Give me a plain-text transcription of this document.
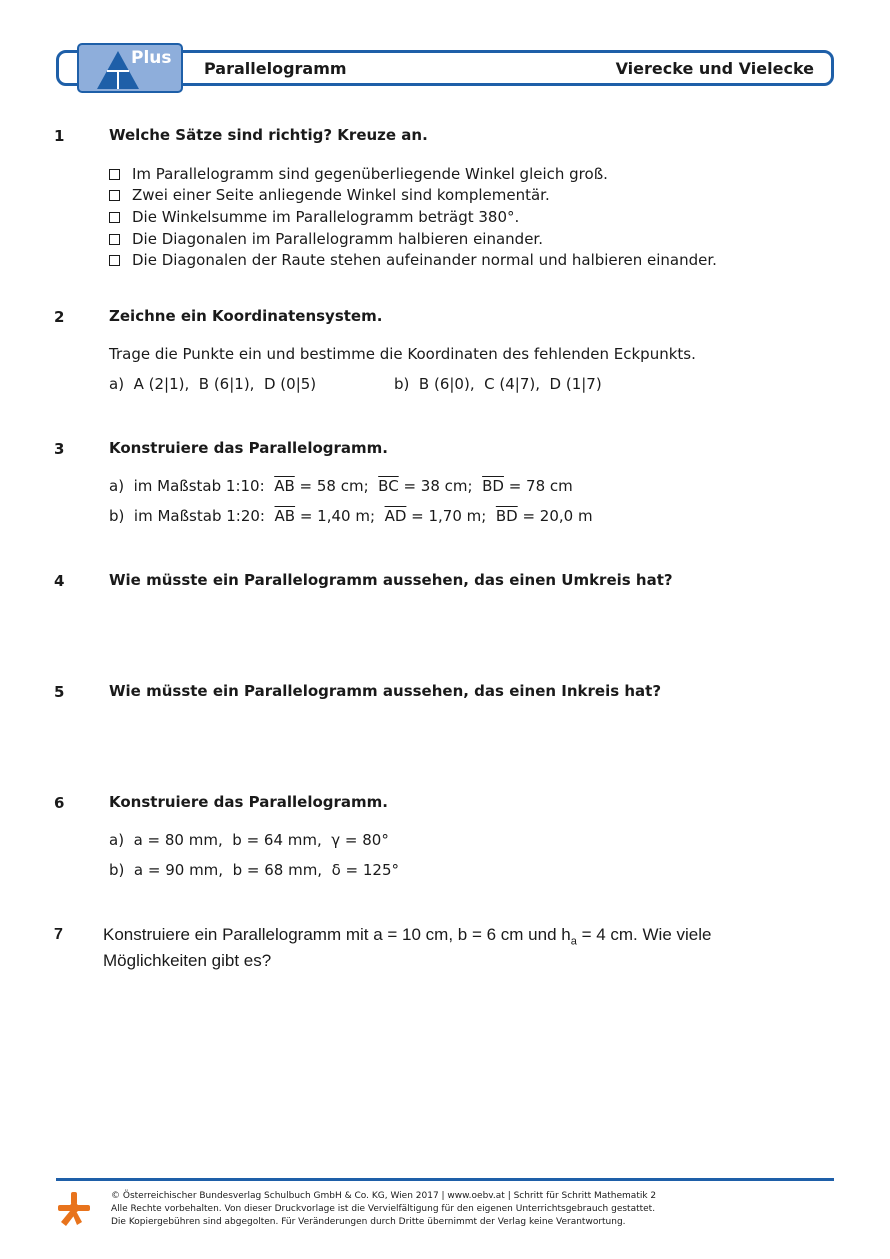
Plus
Parallelogramm	Vierecke und Vielecke
1	Welche Sätze sind richtig? Kreuze an.
Im Parallelogramm sind gegenüberliegende Winkel gleich groß.
Zwei einer Seite anliegende Winkel sind komplementär.
Die Winkelsumme im Parallelogramm beträgt 380°.
Die Diagonalen im Parallelogramm halbieren einander.
Die Diagonalen der Raute stehen aufeinander normal und halbieren einander.
2	Zeichne ein Koordinatensystem.
Trage die Punkte ein und bestimme die Koordinaten des fehlenden Eckpunkts.
a) A (2|1),  B (6|1),  D (0|5)	b) B (6|0),  C (4|7),  D (1|7)
3	Konstruiere das Parallelogramm.
a) im Maßstab 1:10: $\overline{AB} = 58$ cm; $\overline{BC} = 38$ cm; $\overline{BD} = 78$ cm
b) im Maßstab 1:20: $\overline{AB} = 1,40$ m; $\overline{AD} = 1,70$ m; $\overline{BD} = 20,0$ m
4	Wie müsste ein Parallelogramm aussehen, das einen Umkreis hat?
5	Wie müsste ein Parallelogramm aussehen, das einen Inkreis hat?
6	Konstruiere das Parallelogramm.
a) a = 80 mm,  b = 64 mm,  γ = 80°
b) a = 90 mm,  b = 68 mm,  δ = 125°
7 Konstruiere ein Parallelogramm mit a = 10 cm, b = 6 cm und $h_a = 4$ cm. Wie viele
Möglichkeiten gibt es?
© Österreichischer Bundesverlag Schulbuch GmbH & Co. KG, Wien 2017 | www.oebv.at | Schritt für Schritt Mathematik 2
Alle Rechte vorbehalten. Von dieser Druckvorlage ist die Vervielfältigung für den eigenen Unterrichtsgebrauch gestattet.
Die Kopiergebühren sind abgegolten. Für Veränderungen durch Dritte übernimmt der Verlag keine Verantwortung.
